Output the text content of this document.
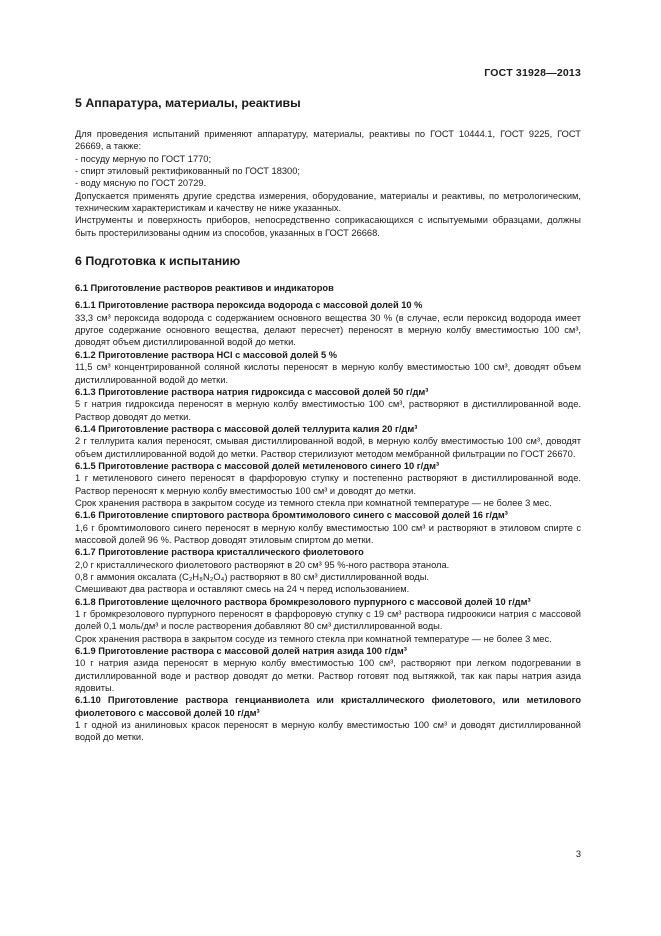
ГОСТ 31928—2013
5 Аппаратура, материалы, реактивы

Для проведения испытаний применяют аппаратуру, материалы, реактивы по ГОСТ 10444.1, ГОСТ 9225, ГОСТ 26669, а также:

- посуду мерную по ГОСТ 1770;

- спирт этиловый ректификованный по ГОСТ 18300;

- воду мясную по ГОСТ 20729.

Допускается применять другие средства измерения, оборудование, материалы и реактивы, по метрологическим, техническим характеристикам и качеству не ниже указанных.

Инструменты и поверхность приборов, непосредственно соприкасающихся с испытуемыми образцами, должны быть простерилизованы одним из способов, указанных в ГОСТ 26668.

6 Подготовка к испытанию

6.1 Приготовление растворов реактивов и индикаторов

6.1.1 Приготовление раствора пероксида водорода с массовой долей 10 %

33,3 см³ пероксида водорода с содержанием основного вещества 30 % (в случае, если пероксид водорода имеет другое содержание основного вещества, делают пересчет) переносят в мерную колбу вместимостью 100 см³, доводят объем дистиллированной водой до метки.

6.1.2 Приготовление раствора HCl с массовой долей 5 %

11,5 см³ концентрированной соляной кислоты переносят в мерную колбу вместимостью 100 см³, доводят объем дистиллированной водой до метки.

6.1.3 Приготовление раствора натрия гидроксида с массовой долей 50 г/дм³

5 г натрия гидроксида переносят в мерную колбу вместимостью 100 см³, растворяют в дистиллированной воде. Раствор доводят до метки.

6.1.4 Приготовление раствора с массовой долей теллурита калия 20 г/дм³

2 г теллурита калия переносят, смывая дистиллированной водой, в мерную колбу вместимостью 100 см³, доводят объем дистиллированной водой до метки. Раствор стерилизуют методом мембранной фильтрации по ГОСТ 26670.

6.1.5 Приготовление раствора с массовой долей метиленового синего 10 г/дм³

1 г метиленового синего переносят в фарфоровую ступку и постепенно растворяют в дистиллированной воде. Раствор переносят к мерную колбу вместимостью 100 см³ и доводят до метки.

Срок хранения раствора в закрытом сосуде из темного стекла при комнатной температуре — не более 3 мес.

6.1.6 Приготовление спиртового раствора бромтимолового синего с массовой долей 16 г/дм³

1,6 г бромтимолового синего переносят в мерную колбу вместимостью 100 см³ и растворяют в этиловом спирте с массовой долей 96 %. Раствор доводят этиловым спиртом до метки.

6.1.7 Приготовление раствора кристаллического фиолетового

2,0 г кристаллического фиолетового растворяют в 20 см³ 95 %-ного раствора этанола.

0,8 г аммония оксалата (C₂H₈N₂O₄) растворяют в 80 см³ дистиллированной воды.

Смешивают два раствора и оставляют смесь на 24 ч перед использованием.

6.1.8 Приготовление щелочного раствора бромкрезолового пурпурного с массовой долей 10 г/дм³

1 г бромкрезолового пурпурного переносят в фарфоровую ступку с 19 см³ раствора гидроокиси натрия с массовой долей 0,1 моль/дм³ и после растворения добавляют 80 см³ дистиллированной воды.

Срок хранения раствора в закрытом сосуде из темного стекла при комнатной температуре — не более 3 мес.

6.1.9 Приготовление раствора с массовой долей натрия азида 100 г/дм³

10 г натрия азида переносят в мерную колбу вместимостью 100 см³, растворяют при легком подогревании в дистиллированной воде и раствор доводят до метки. Раствор готовят под вытяжкой, так как пары натрия азида ядовиты.

6.1.10 Приготовление раствора генцианвиолета или кристаллического фиолетового, или метилового фиолетового с массовой долей 10 г/дм³

1 г одной из анилиновых красок переносят в мерную колбу вместимостью 100 см³ и доводят дистиллированной водой до метки.

3
